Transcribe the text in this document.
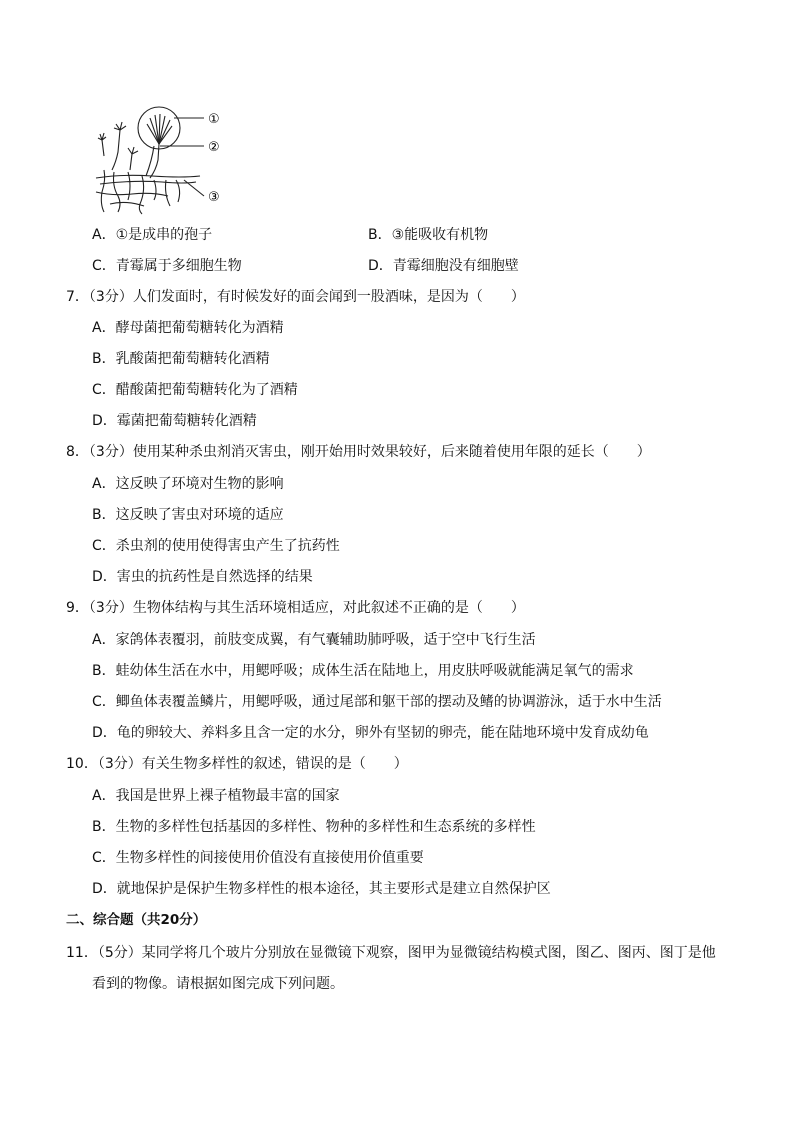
①
②
③
A．①是成串的孢子	B．③能吸收有机物
C．青霉属于多细胞生物	D．青霉细胞没有细胞壁
7．（3分）人们发面时，有时候发好的面会闻到一股酒味，是因为（　　）
A．酵母菌把葡萄糖转化为酒精
B．乳酸菌把葡萄糖转化酒精
C．醋酸菌把葡萄糖转化为了酒精
D．霉菌把葡萄糖转化酒精
8．（3分）使用某种杀虫剂消灭害虫，刚开始用时效果较好，后来随着使用年限的延长（　　）
A．这反映了环境对生物的影响
B．这反映了害虫对环境的适应
C．杀虫剂的使用使得害虫产生了抗药性
D．害虫的抗药性是自然选择的结果
9．（3分）生物体结构与其生活环境相适应，对此叙述不正确的是（　　）
A．家鸽体表覆羽，前肢变成翼，有气囊辅助肺呼吸，适于空中飞行生活
B．蛙幼体生活在水中，用鳃呼吸；成体生活在陆地上，用皮肤呼吸就能满足氧气的需求
C．鲫鱼体表覆盖鳞片，用鳃呼吸，通过尾部和躯干部的摆动及鳍的协调游泳，适于水中生活
D．龟的卵较大、养料多且含一定的水分，卵外有坚韧的卵壳，能在陆地环境中发育成幼龟
10．（3分）有关生物多样性的叙述，错误的是（　　）
A．我国是世界上裸子植物最丰富的国家
B．生物的多样性包括基因的多样性、物种的多样性和生态系统的多样性
C．生物多样性的间接使用价值没有直接使用价值重要
D．就地保护是保护生物多样性的根本途径，其主要形式是建立自然保护区
二、综合题（共20分）
11．（5分）某同学将几个玻片分别放在显微镜下观察，图甲为显微镜结构模式图，图乙、图丙、图丁是他
看到的物像。请根据如图完成下列问题。
